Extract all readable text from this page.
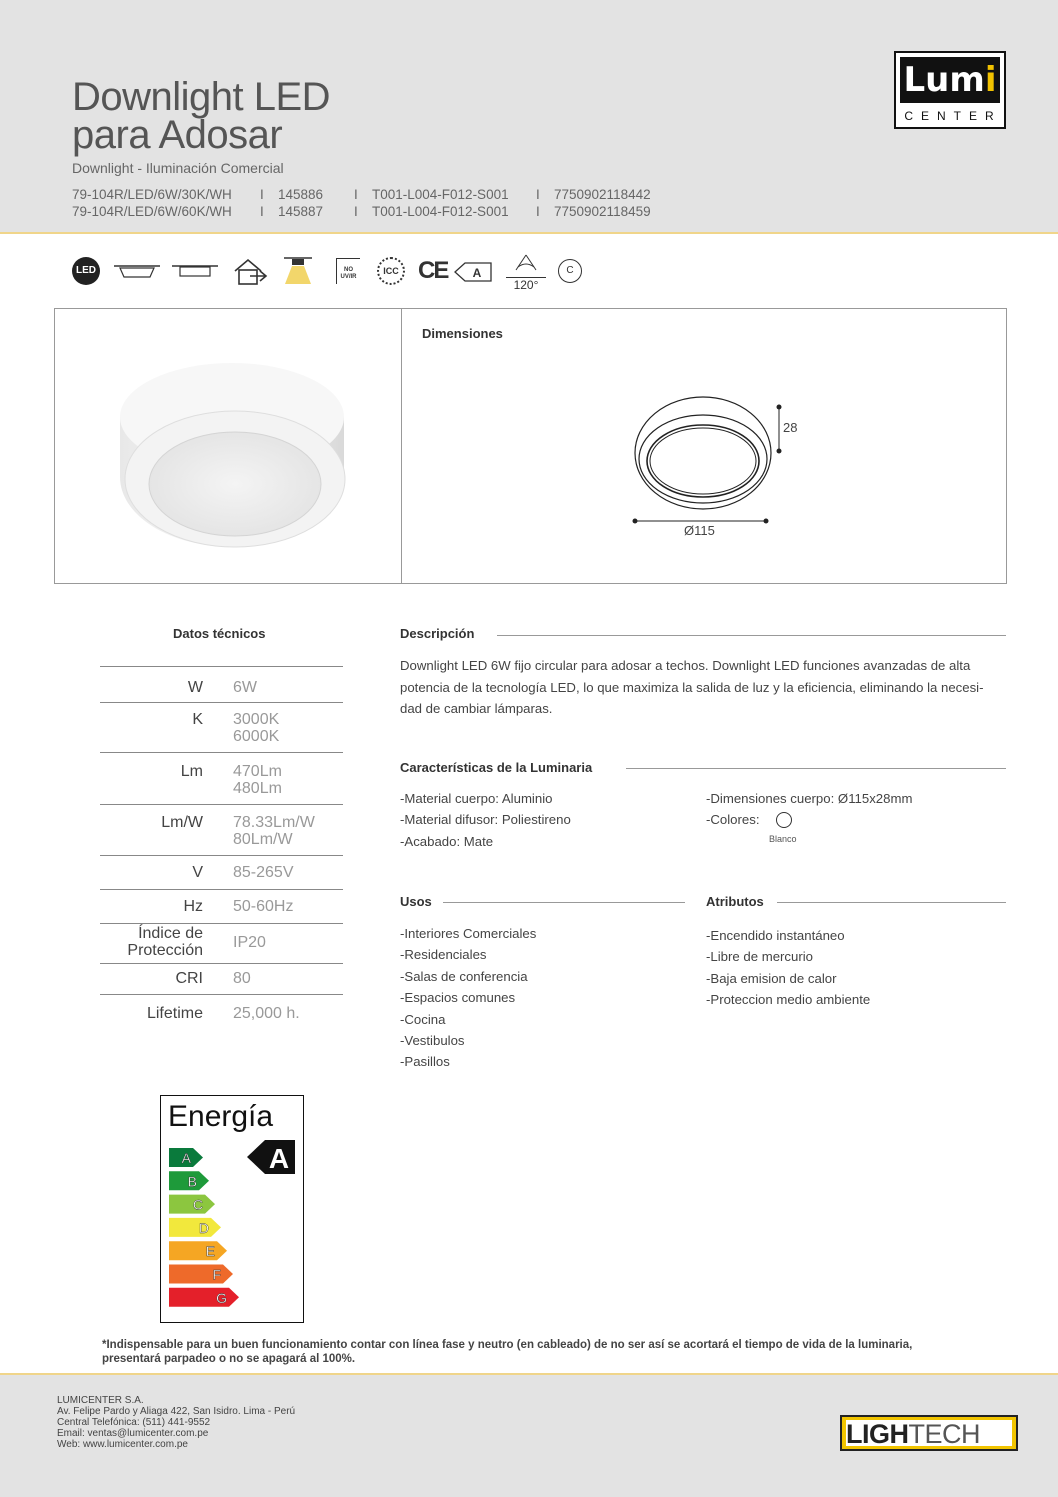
Downlight LED
para Adosar
Downlight - Iluminación Comercial
79-104R/LED/6W/30K/WH	I	145886	I	T001-L004-F012-S001	I	7750902118442
79-104R/LED/6W/60K/WH	I	145887	I	T001-L004-F012-S001	I	7750902118459
Lumi
CENTER
LED	NO UV/IR
ICC CE A
120°
C
Dimensiones
28
Ø115
Datos técnicos
W 6W
K 3000K
6000K
Lm 470Lm
480Lm
Lm/W 78.33Lm/W
80Lm/W
V 85-265V
Hz 50-60Hz
Índice de
Protección IP20
CRI 80
Lifetime 25,000 h.
Descripción
Downlight LED 6W fijo circular para adosar a techos. Downlight LED funciones avanzadas de alta
potencia de la tecnología LED, lo que maximiza la salida de luz y la eficiencia, eliminando la necesi-
dad de cambiar lámparas.
Características de la Luminaria
-Material cuerpo: Aluminio
-Material difusor: Poliestireno
-Acabado: Mate
-Dimensiones cuerpo: Ø115x28mm
-Colores:
Blanco
Usos
-Interiores Comerciales
-Residenciales
-Salas de conferencia
-Espacios comunes
-Cocina
-Vestibulos
-Pasillos
Atributos
-Encendido instantáneo
-Libre de mercurio
-Baja emision de calor
-Proteccion medio ambiente
Energía
A
B
C
D
E
F
G
A
*Indispensable para un buen funcionamiento contar con línea fase y neutro (en cableado) de no ser así se acortará el tiempo de vida de la luminaria,
presentará parpadeo o no se apagará al 100%.
LUMICENTER S.A.
Av. Felipe Pardo y Aliaga 422, San Isidro. Lima - Perú
Central Telefónica: (511) 441-9552
Email: ventas@lumicenter.com.pe
Web: www.lumicenter.com.pe	LIGHTECH
